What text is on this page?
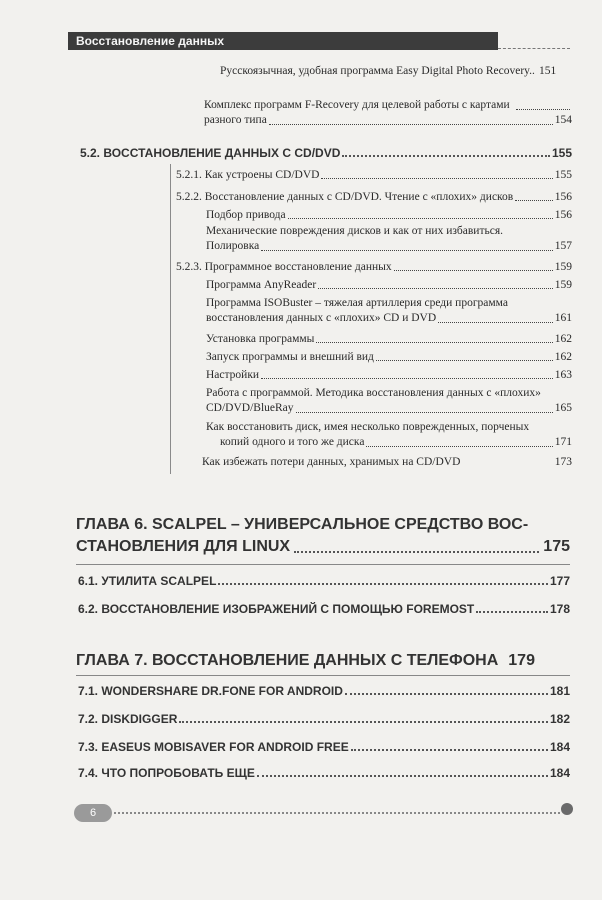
Восстановление данных
Русскоязычная, удобная программа Easy Digital Photo Recovery.. 151
Комплекс программ F-Recovery для целевой работы с картами
разного типа	154
5.2. ВОССТАНОВЛЕНИЕ ДАННЫХ С CD/DVD	155
5.2.1. Как устроены CD/DVD	155
5.2.2. Восстановление данных с CD/DVD. Чтение с «плохих» дисков	156
Подбор привода	156
Механические повреждения дисков и как от них избавиться.
Полировка	157
5.2.3. Программное восстановление данных	159
Программа AnyReader	159
Программа ISOBuster – тяжелая артиллерия среди программа
восстановления данных с «плохих» CD и DVD	161
Установка программы	162
Запуск программы и внешний вид	162
Настройки	163
Работа с программой. Методика восстановления данных с «плохих»
CD/DVD/BlueRay	165
Как восстановить диск, имея несколько поврежденных, порченых
копий одного и того же диска	171
Как избежать потери данных, хранимых на CD/DVD	173
ГЛАВА 6. SCALPEL – УНИВЕРСАЛЬНОЕ СРЕДСТВО ВОС-
СТАНОВЛЕНИЯ ДЛЯ LINUX	175
6.1. УТИЛИТА SCALPEL	177
6.2. ВОССТАНОВЛЕНИЕ ИЗОБРАЖЕНИЙ С ПОМОЩЬЮ FOREMOST	178
ГЛАВА 7. ВОССТАНОВЛЕНИЕ ДАННЫХ С ТЕЛЕФОНА 179
7.1. WONDERSHARE DR.FONE FOR ANDROID	181
7.2. DISKDIGGER	182
7.3. EASEUS MOBISAVER FOR ANDROID FREE	184
7.4. ЧТО ПОПРОБОВАТЬ ЕЩЕ	184
6
